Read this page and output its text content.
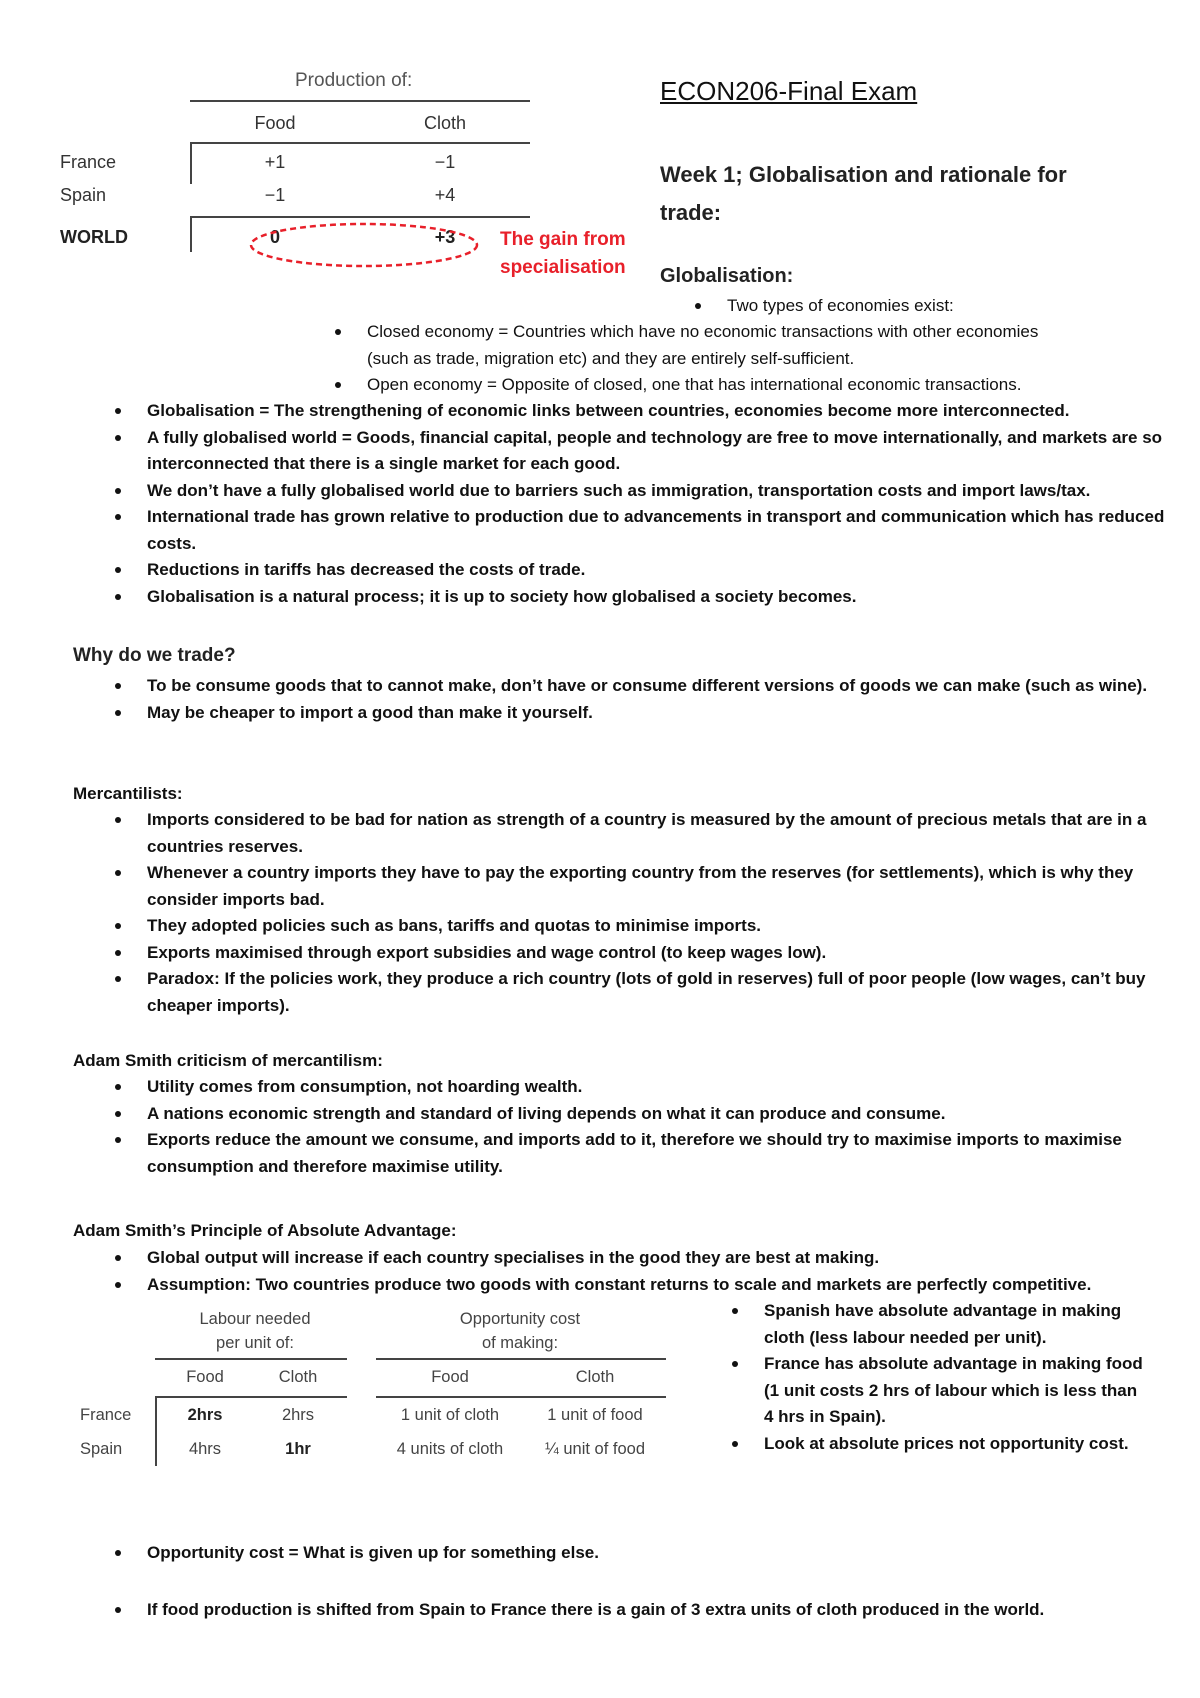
Production of:
Food	Cloth
France	+1	−1
Spain	−1	+4
WORLD	0	+3	The gain from
specialisation
ECON206-Final Exam
Week 1; Globalisation and rationale for
trade:
Globalisation:
Two types of economies exist:
Closed economy = Countries which have no economic transactions with other economies
(such as trade, migration etc) and they are entirely self-sufficient.
Open economy = Opposite of closed, one that has international economic transactions.
Globalisation = The strengthening of economic links between countries, economies become more interconnected.
A fully globalised world = Goods, financial capital, people and technology are free to move internationally, and markets are so interconnected that there is a single market for each good.
We don’t have a fully globalised world due to barriers such as immigration, transportation costs and import laws/tax.
International trade has grown relative to production due to advancements in transport and communication which has reduced costs.
Reductions in tariffs has decreased the costs of trade.
Globalisation is a natural process; it is up to society how globalised a society becomes.
Why do we trade?
To be consume goods that to cannot make, don’t have or consume different versions of goods we can make (such as wine).
May be cheaper to import a good than make it yourself.
Mercantilists:
Imports considered to be bad for nation as strength of a country is measured by the amount of precious metals that are in a countries reserves.
Whenever a country imports they have to pay the exporting country from the reserves (for settlements), which is why they consider imports bad.
They adopted policies such as bans, tariffs and quotas to minimise imports.
Exports maximised through export subsidies and wage control (to keep wages low).
Paradox: If the policies work, they produce a rich country (lots of gold in reserves) full of poor people (low wages, can’t buy cheaper imports).
Adam Smith criticism of mercantilism:
Utility comes from consumption, not hoarding wealth.
A nations economic strength and standard of living depends on what it can produce and consume.
Exports reduce the amount we consume, and imports add to it, therefore we should try to maximise imports to maximise consumption and therefore maximise utility.
Adam Smith’s Principle of Absolute Advantage:
Global output will increase if each country specialises in the good they are best at making.
Assumption: Two countries produce two goods with constant returns to scale and markets are perfectly competitive.
Labour needed
per unit of:
Opportunity cost
of making:
Food	Cloth	Food	Cloth
France	2hrs	2hrs	1 unit of cloth	1 unit of food
Spain	4hrs	1hr	4 units of cloth	¼ unit of food
Spanish have absolute advantage in making cloth (less labour needed per unit).
France has absolute advantage in making food (1 unit costs 2 hrs of labour which is less than 4 hrs in Spain).
Look at absolute prices not opportunity cost.
Opportunity cost = What is given up for something else.
If food production is shifted from Spain to France there is a gain of 3 extra units of cloth produced in the world.
